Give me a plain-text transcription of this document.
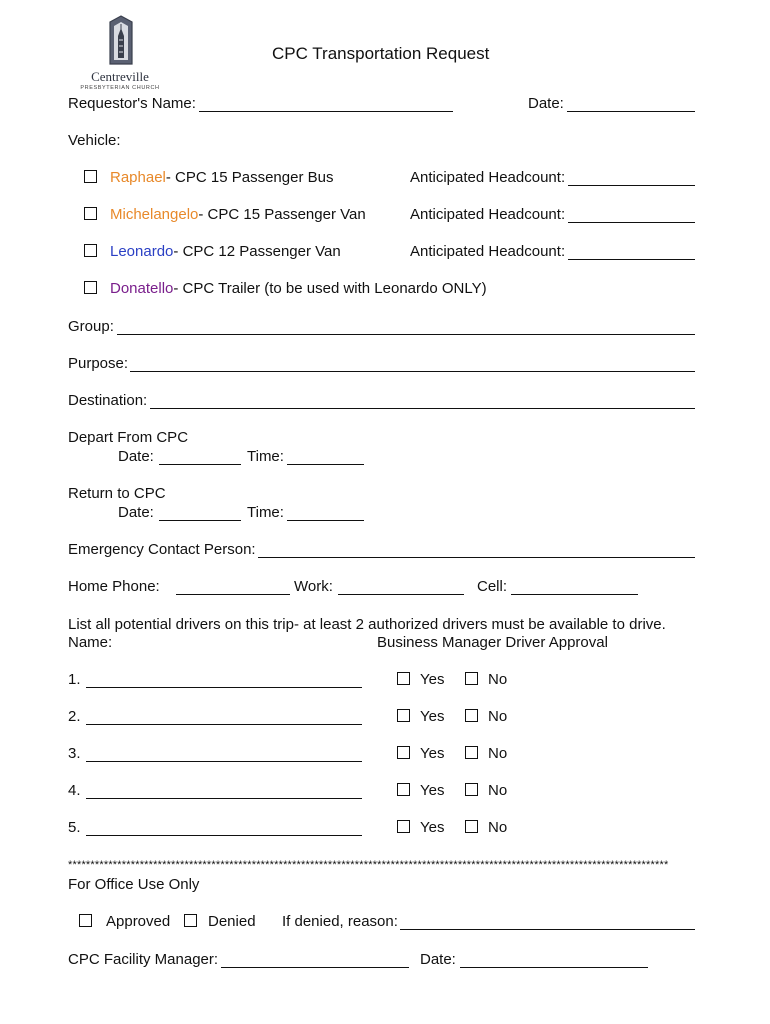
Centreville
PRESBYTERIAN CHURCH
CPC Transportation Request
Requestor's Name:	Date:
Vehicle:
Raphael- CPC 15 Passenger Bus	Anticipated Headcount:
Michelangelo- CPC 15 Passenger Van	Anticipated Headcount:
Leonardo- CPC 12 Passenger Van	Anticipated Headcount:
Donatello- CPC Trailer (to be used with Leonardo ONLY)
Group:
Purpose:
Destination:
Depart From CPC
Date:	Time:
Return to CPC
Date:	Time:
Emergency Contact Person:
Home Phone:	Work:	Cell:
List all potential drivers on this trip- at least 2 authorized drivers must be available to drive.
Name:	Business Manager Driver Approval
1.	Yes	No
2.	Yes	No
3.	Yes	No
4.	Yes	No
5.	Yes	No
**************************************************************************************************************************************
For Office Use Only
Approved	Denied If denied, reason:
CPC Facility Manager:	Date:
